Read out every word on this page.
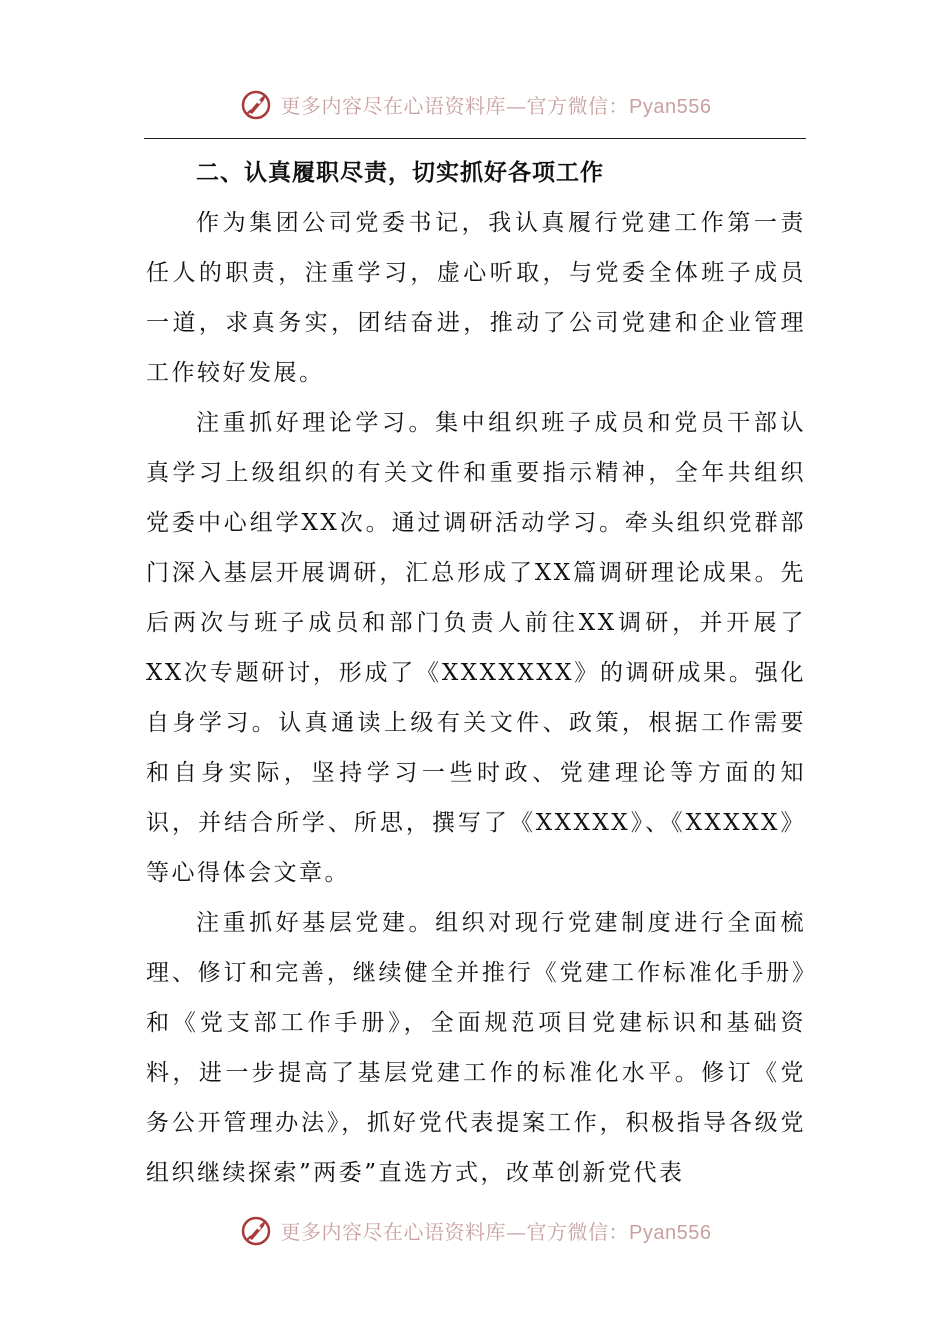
更多内容尽在心语资料库—官方微信：Pyan556

二、认真履职尽责，切实抓好各项工作

作为集团公司党委书记，我认真履行党建工作第一责任人的职责，注重学习，虚心听取，与党委全体班子成员一道，求真务实，团结奋进，推动了公司党建和企业管理工作较好发展。

注重抓好理论学习。集中组织班子成员和党员干部认真学习上级组织的有关文件和重要指示精神，全年共组织党委中心组学XX次。通过调研活动学习。牵头组织党群部门深入基层开展调研，汇总形成了XX篇调研理论成果。先后两次与班子成员和部门负责人前往XX调研，并开展了XX次专题研讨，形成了《XXXXXXX》的调研成果。强化自身学习。认真通读上级有关文件、政策，根据工作需要和自身实际，坚持学习一些时政、党建理论等方面的知识，并结合所学、所思，撰写了《XXXXX》、《XXXXX》等心得体会文章。

注重抓好基层党建。组织对现行党建制度进行全面梳理、修订和完善，继续健全并推行《党建工作标准化手册》和《党支部工作手册》，全面规范项目党建标识和基础资料，进一步提高了基层党建工作的标准化水平。修订《党务公开管理办法》，抓好党代表提案工作，积极指导各级党组织继续探索”两委”直选方式，改革创新党代表

更多内容尽在心语资料库—官方微信：Pyan556
